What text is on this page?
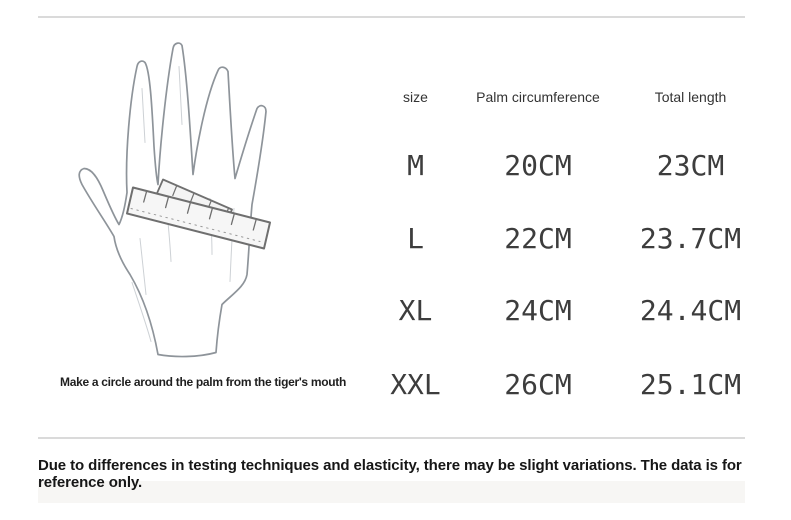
Make a circle around the palm from the tiger's mouth
size	Palm circumference	Total length
M	20CM	23CM
L	22CM	23.7CM
XL	24CM	24.4CM
XXL	26CM	25.1CM
Due to differences in testing techniques and elasticity, there may be slight variations. The data is for reference only.
